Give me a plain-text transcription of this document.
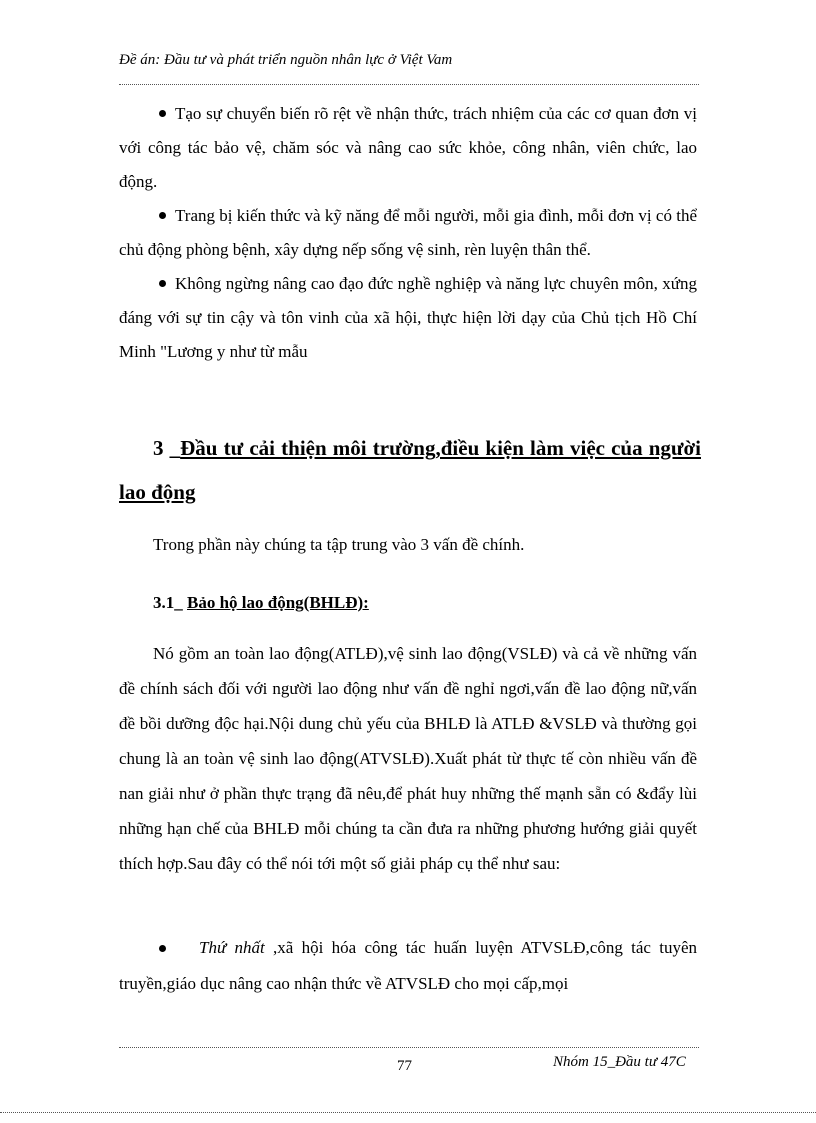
Đề án: Đầu tư và phát triển nguồn nhân lực ở Việt Vam
Tạo sự chuyển biến rõ rệt về nhận thức, trách nhiệm của các cơ quan đơn vị với công tác bảo vệ, chăm sóc và nâng cao sức khỏe, công nhân, viên chức, lao động.
Trang bị kiến thức và kỹ năng để mỗi người, mỗi gia đình, mỗi đơn vị có thể chủ động phòng bệnh, xây dựng nếp sống vệ sinh, rèn luyện thân thể.
Không ngừng nâng cao đạo đức nghề nghiệp và năng lực chuyên môn, xứng đáng với sự tin cậy và tôn vinh của xã hội, thực hiện lời dạy của Chủ tịch Hồ Chí Minh "Lương y như từ mẫu
3 _Đầu tư cải thiện môi trường,điều kiện làm việc của người lao động
Trong phần này chúng ta tập trung vào 3 vấn đề chính.
3.1_ Bảo hộ lao động(BHLĐ):
Nó gồm an toàn lao động(ATLĐ),vệ sinh lao động(VSLĐ) và cả về những vấn đề chính sách đối với người lao động như vấn đề nghỉ ngơi,vấn đề lao động nữ,vấn đề bồi dưỡng độc hại.Nội dung chủ yếu của BHLĐ là ATLĐ &VSLĐ và thường gọi chung là an toàn vệ sinh lao động(ATVSLĐ).Xuất phát từ thực tế còn nhiều vấn đề nan giải như ở phần thực trạng đã nêu,để phát huy những thế mạnh sẵn có &đẩy lùi những hạn chế của BHLĐ mỗi chúng ta cần đưa ra những phương hướng giải quyết thích hợp.Sau đây có thể nói tới một số giải pháp cụ thể như sau:
Thứ nhất ,xã hội hóa công tác huấn luyện ATVSLĐ,công tác tuyên truyền,giáo dục nâng cao nhận thức về ATVSLĐ cho mọi cấp,mọi
77	Nhóm 15_Đầu tư 47C
